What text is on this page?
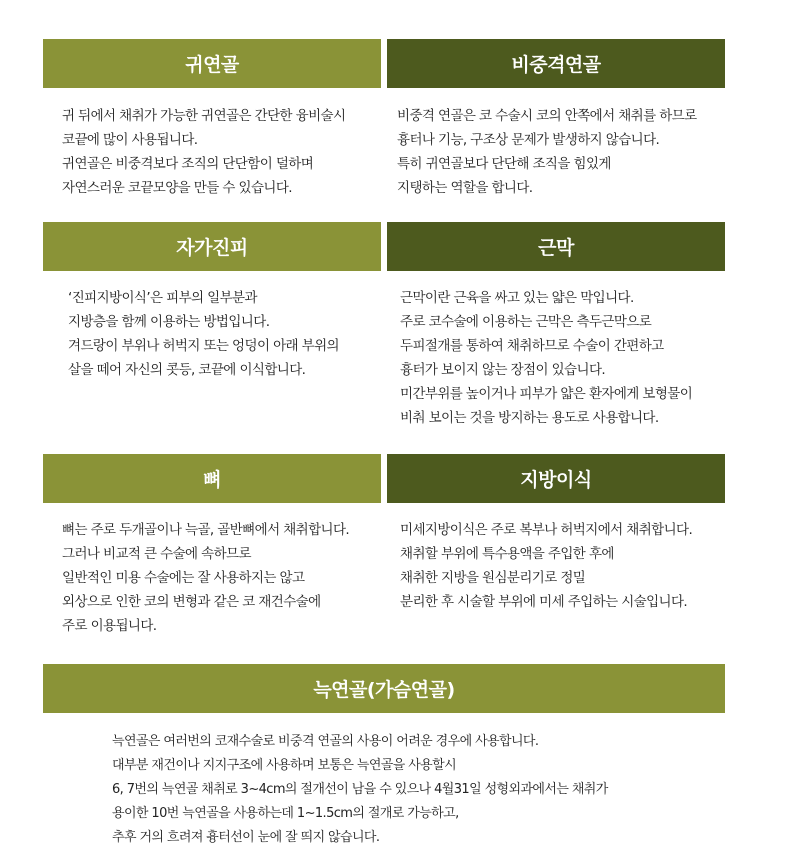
귀연골	비중격연골
귀 뒤에서 채취가 가능한 귀연골은 간단한 융비술시
코끝에 많이 사용됩니다.
귀연골은 비중격보다 조직의 단단함이 덜하며
자연스러운 코끝모양을 만들 수 있습니다.
비중격 연골은 코 수술시 코의 안쪽에서 채취를 하므로
흉터나 기능, 구조상 문제가 발생하지 않습니다.
특히 귀연골보다 단단해 조직을 힘있게
지탱하는 역할을 합니다.
자가진피	근막
‘진피지방이식’은 피부의 일부분과
지방층을 함께 이용하는 방법입니다.
겨드랑이 부위나 허벅지 또는 엉덩이 아래 부위의
살을 떼어 자신의 콧등, 코끝에 이식합니다.
근막이란 근육을 싸고 있는 얇은 막입니다.
주로 코수술에 이용하는 근막은 측두근막으로
두피절개를 통하여 채취하므로 수술이 간편하고
흉터가 보이지 않는 장점이 있습니다.
미간부위를 높이거나 피부가 얇은 환자에게 보형물이
비춰 보이는 것을 방지하는 용도로 사용합니다.
뼈	지방이식
뼈는 주로 두개골이나 늑골, 골반뼈에서 채취합니다.
그러나 비교적 큰 수술에 속하므로
일반적인 미용 수술에는 잘 사용하지는 않고
외상으로 인한 코의 변형과 같은 코 재건수술에
주로 이용됩니다.
미세지방이식은 주로 복부나 허벅지에서 채취합니다.
채취할 부위에 특수용액을 주입한 후에
채취한 지방을 원심분리기로 정밀
분리한 후 시술할 부위에 미세 주입하는 시술입니다.
늑연골(가슴연골)
늑연골은 여러번의 코재수술로 비중격 연골의 사용이 어려운 경우에 사용합니다.
대부분 재건이나 지지구조에 사용하며 보통은 늑연골을 사용할시
6, 7번의 늑연골 채취로 3~4cm의 절개선이 남을 수 있으나 4월31일 성형외과에서는 채취가
용이한 10번 늑연골을 사용하는데 1~1.5cm의 절개로 가능하고,
추후 거의 흐려져 흉터선이 눈에 잘 띄지 않습니다.
